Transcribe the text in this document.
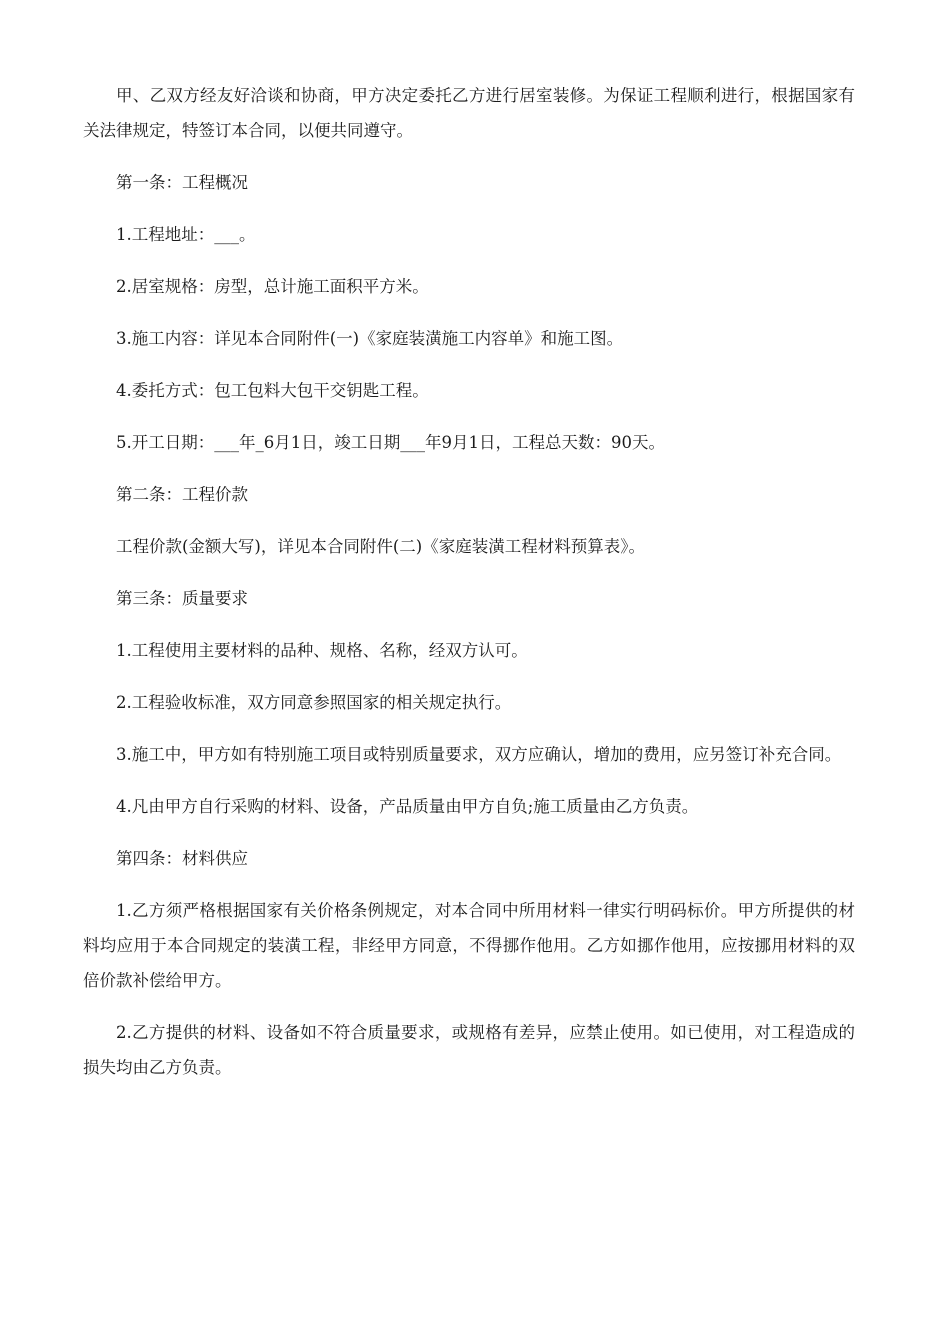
甲、乙双方经友好洽谈和协商，甲方决定委托乙方进行居室装修。为保证工程顺利进行，根据国家有关法律规定，特签订本合同，以便共同遵守。

第一条：工程概况

1.工程地址：___。

2.居室规格：房型，总计施工面积平方米。

3.施工内容：详见本合同附件(一)《家庭装潢施工内容单》和施工图。

4.委托方式：包工包料大包干交钥匙工程。

5.开工日期：___年_6月1日，竣工日期___年9月1日，工程总天数：90天。

第二条：工程价款

工程价款(金额大写)，详见本合同附件(二)《家庭装潢工程材料预算表》。

第三条：质量要求

1.工程使用主要材料的品种、规格、名称，经双方认可。

2.工程验收标准，双方同意参照国家的相关规定执行。

3.施工中，甲方如有特别施工项目或特别质量要求，双方应确认，增加的费用，应另签订补充合同。

4.凡由甲方自行采购的材料、设备，产品质量由甲方自负;施工质量由乙方负责。

第四条：材料供应

1.乙方须严格根据国家有关价格条例规定，对本合同中所用材料一律实行明码标价。甲方所提供的材料均应用于本合同规定的装潢工程，非经甲方同意，不得挪作他用。乙方如挪作他用，应按挪用材料的双倍价款补偿给甲方。

2.乙方提供的材料、设备如不符合质量要求，或规格有差异，应禁止使用。如已使用，对工程造成的损失均由乙方负责。
